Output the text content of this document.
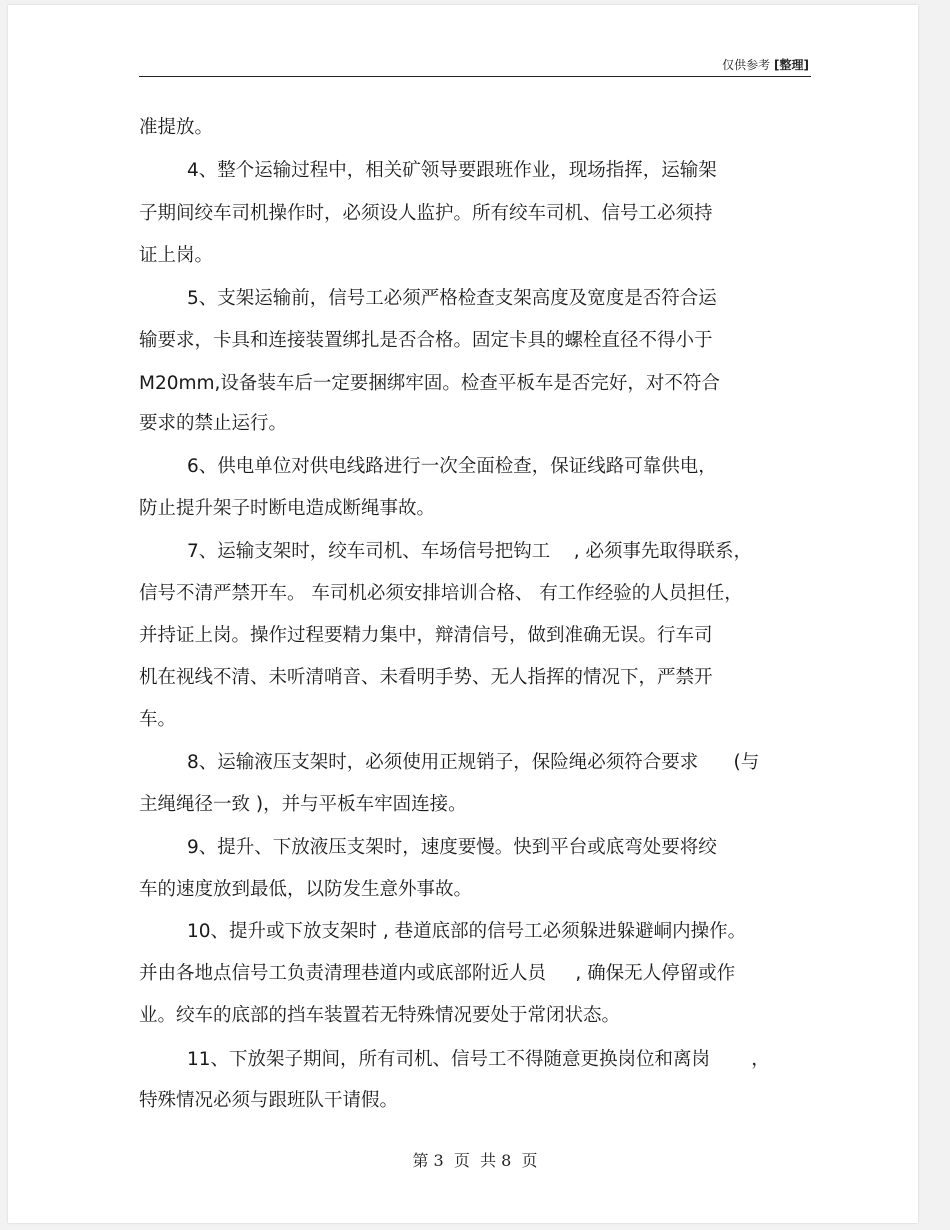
仅供参考 [整理]
准提放。
4、整个运输过程中，相关矿领导要跟班作业，现场指挥，运输架
子期间绞车司机操作时，必须设人监护。所有绞车司机、信号工必须持
证上岗。
5、支架运输前，信号工必须严格检查支架高度及宽度是否符合运
输要求，卡具和连接装置绑扎是否合格。固定卡具的螺栓直径不得小于
M20mm,设备装车后一定要捆绑牢固。检查平板车是否完好，对不符合
要求的禁止运行。
6、供电单位对供电线路进行一次全面检查，保证线路可靠供电，
防止提升架子时断电造成断绳事故。
7、运输支架时，绞车司机、车场信号把钩工    , 必须事先取得联系，
信号不清严禁开车。 车司机必须安排培训合格、 有工作经验的人员担任，
并持证上岗。操作过程要精力集中，辩清信号，做到准确无误。行车司
机在视线不清、未听清哨音、未看明手势、无人指挥的情况下，严禁开
车。
8、运输液压支架时，必须使用正规销子，保险绳必须符合要求      (与
主绳绳径一致 )，并与平板车牢固连接。
9、提升、下放液压支架时，速度要慢。快到平台或底弯处要将绞
车的速度放到最低，以防发生意外事故。
10、提升或下放支架时 , 巷道底部的信号工必须躲进躲避峒内操作。
并由各地点信号工负责清理巷道内或底部附近人员     , 确保无人停留或作
业。绞车的底部的挡车装置若无特殊情况要处于常闭状态。
11、下放架子期间，所有司机、信号工不得随意更换岗位和离岗       ，
特殊情况必须与跟班队干请假。
第 3  页  共 8  页
